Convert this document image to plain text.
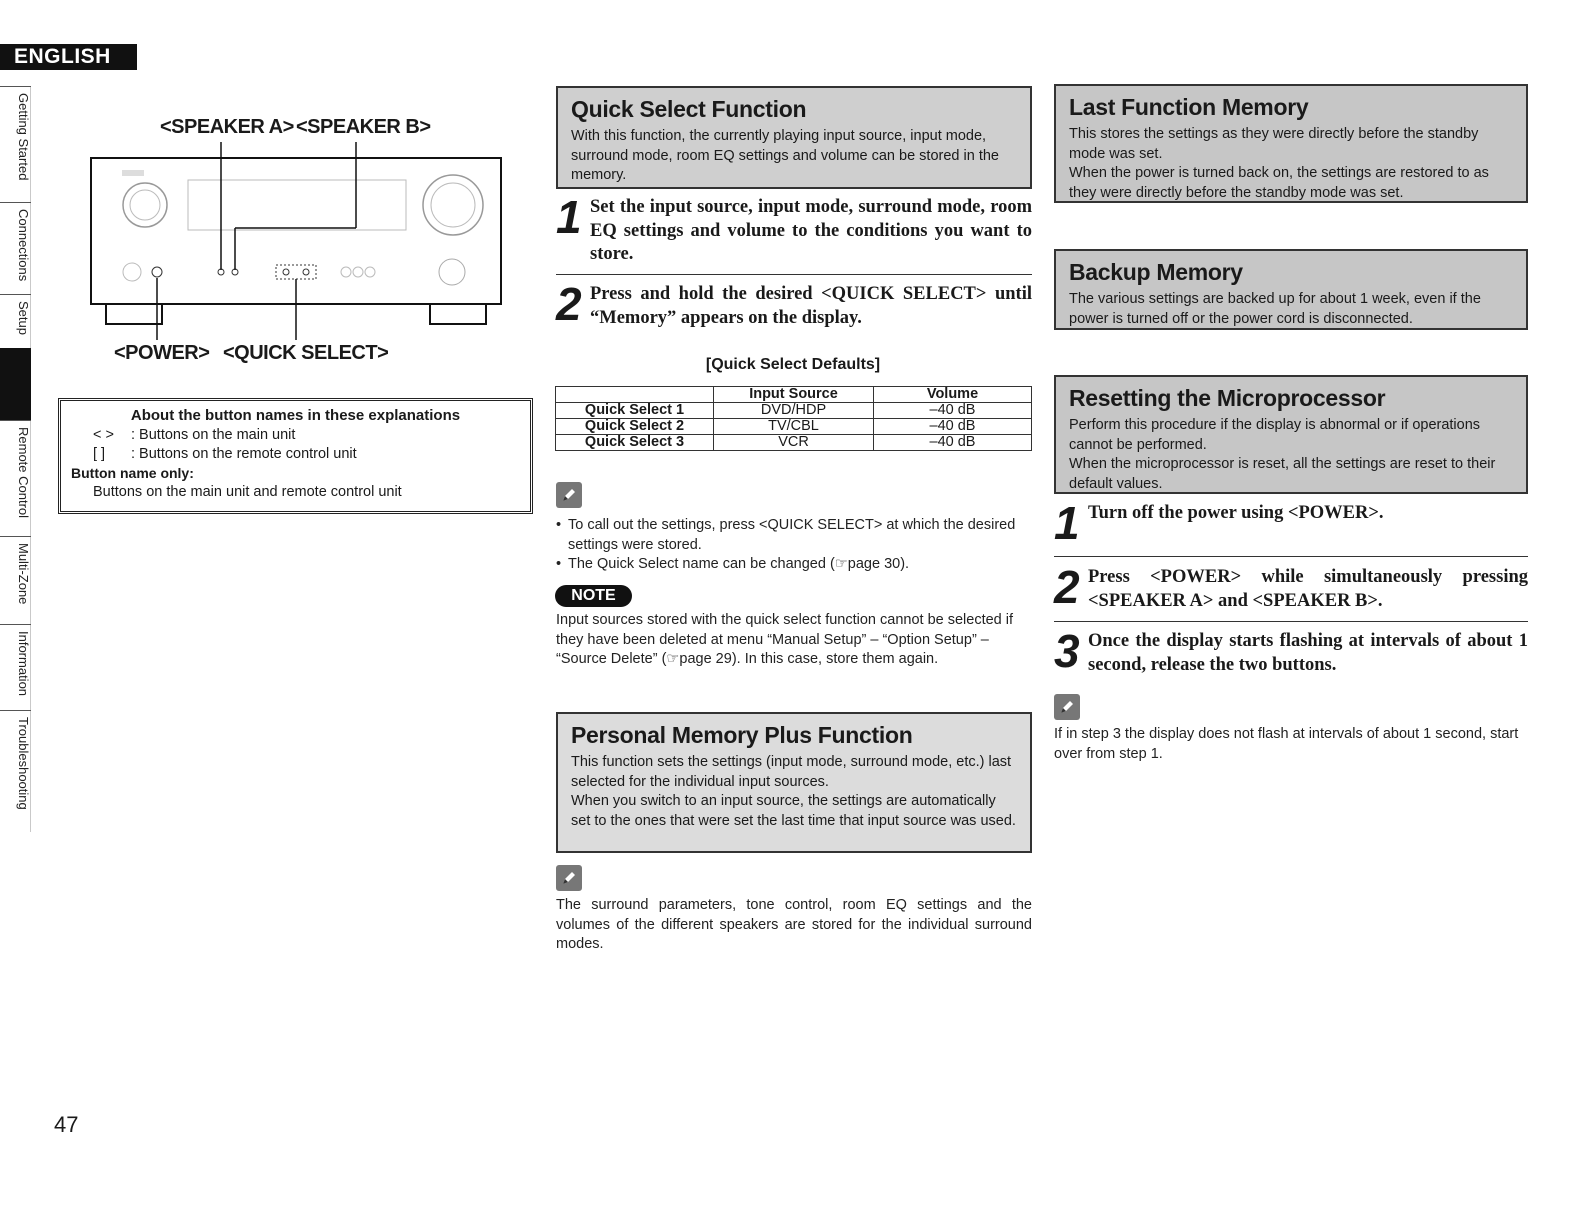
ENGLISH
Getting Started
Connections
Setup
Remote Control
Multi-Zone
Information
Troubleshooting
<SPEAKER A> <SPEAKER B>
<POWER> <QUICK SELECT>
About the button names in these explanations
< >	: Buttons on the main unit
[ ]	: Buttons on the remote control unit
Button name only:
Buttons on the main unit and remote control unit
Quick Select Function
With this function, the currently playing input source, input mode, surround mode, room EQ settings and volume can be stored in the memory.
1 Set the input source, input mode, surround mode, room EQ settings and volume to the conditions you want to store.
2 Press and hold the desired <QUICK SELECT> until “Memory” appears on the display.
[Quick Select Defaults]
	Input Source	Volume
Quick Select 1	DVD/HDP	–40 dB
Quick Select 2	TV/CBL	–40 dB
Quick Select 3	VCR	–40 dB
• To call out the settings, press <QUICK SELECT> at which the desired settings were stored.
• The Quick Select name can be changed (☞page 30).
NOTE
Input sources stored with the quick select function cannot be selected if they have been deleted at menu “Manual Setup” – “Option Setup” – “Source Delete” (☞page 29). In this case, store them again.
Personal Memory Plus Function
This function sets the settings (input mode, surround mode, etc.) last selected for the individual input sources.
When you switch to an input source, the settings are automatically set to the ones that were set the last time that input source was used.
The surround parameters, tone control, room EQ settings and the volumes of the different speakers are stored for the individual surround modes.
Last Function Memory
This stores the settings as they were directly before the standby mode was set.
When the power is turned back on, the settings are restored to as they were directly before the standby mode was set.
Backup Memory
The various settings are backed up for about 1 week, even if the power is turned off or the power cord is disconnected.
Resetting the Microprocessor
Perform this procedure if the display is abnormal or if operations cannot be performed.
When the microprocessor is reset, all the settings are reset to their default values.
1 Turn off the power using <POWER>.
2 Press <POWER> while simultaneously pressing <SPEAKER A> and <SPEAKER B>.
3 Once the display starts flashing at intervals of about 1 second, release the two buttons.
If in step 3 the display does not flash at intervals of about 1 second, start over from step 1.
47
